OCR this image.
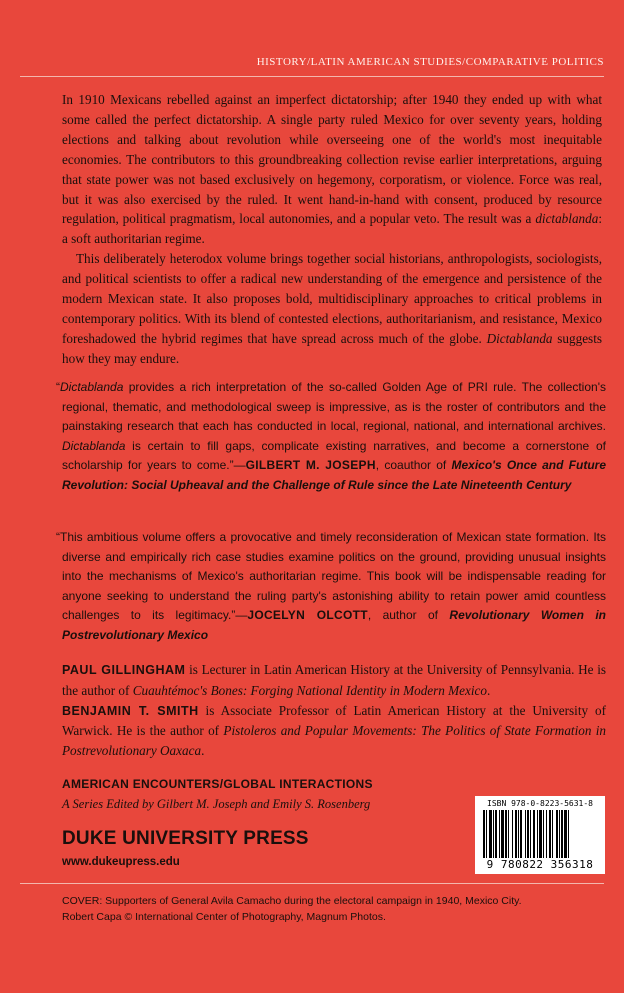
HISTORY/LATIN AMERICAN STUDIES/COMPARATIVE POLITICS

In 1910 Mexicans rebelled against an imperfect dictatorship; after 1940 they ended up with what some called the perfect dictatorship. A single party ruled Mexico for over seventy years, holding elections and talking about revolution while overseeing one of the world's most inequitable economies. The contributors to this groundbreaking collection revise earlier interpretations, arguing that state power was not based exclusively on hegemony, corporatism, or violence. Force was real, but it was also exercised by the ruled. It went hand-in-hand with consent, produced by resource regulation, political pragmatism, local autonomies, and a popular veto. The result was a dictablanda: a soft authoritarian regime.

This deliberately heterodox volume brings together social historians, anthropologists, sociologists, and political scientists to offer a radical new understanding of the emergence and persistence of the modern Mexican state. It also proposes bold, multidisciplinary approaches to critical problems in contemporary politics. With its blend of contested elections, authoritarianism, and resistance, Mexico foreshadowed the hybrid regimes that have spread across much of the globe. Dictablanda suggests how they may endure.

“Dictablanda provides a rich interpretation of the so-called Golden Age of PRI rule. The collection's regional, thematic, and methodological sweep is impressive, as is the roster of contributors and the painstaking research that each has conducted in local, regional, national, and international archives. Dictablanda is certain to fill gaps, complicate existing narratives, and become a cornerstone of scholarship for years to come.”—GILBERT M. JOSEPH, coauthor of Mexico's Once and Future Revolution: Social Upheaval and the Challenge of Rule since the Late Nineteenth Century
“This ambitious volume offers a provocative and timely reconsideration of Mexican state formation. Its diverse and empirically rich case studies examine politics on the ground, providing unusual insights into the mechanisms of Mexico's authoritarian regime. This book will be indispensable reading for anyone seeking to understand the ruling party's astonishing ability to retain power amid countless challenges to its legitimacy.”—JOCELYN OLCOTT, author of Revolutionary Women in Postrevolutionary Mexico

PAUL GILLINGHAM is Lecturer in Latin American History at the University of Pennsylvania. He is the author of Cuauhtémoc's Bones: Forging National Identity in Modern Mexico.

BENJAMIN T. SMITH is Associate Professor of Latin American History at the University of Warwick. He is the author of Pistoleros and Popular Movements: The Politics of State Formation in Postrevolutionary Oaxaca.

AMERICAN ENCOUNTERS/GLOBAL INTERACTIONS
A Series Edited by Gilbert M. Joseph and Emily S. Rosenberg
DUKE UNIVERSITY PRESS
www.dukeupress.edu
ISBN 978-0-8223-5631-8
9 780822 356318
COVER: Supporters of General Avila Camacho during the electoral campaign in 1940, Mexico City.
Robert Capa © International Center of Photography, Magnum Photos.
